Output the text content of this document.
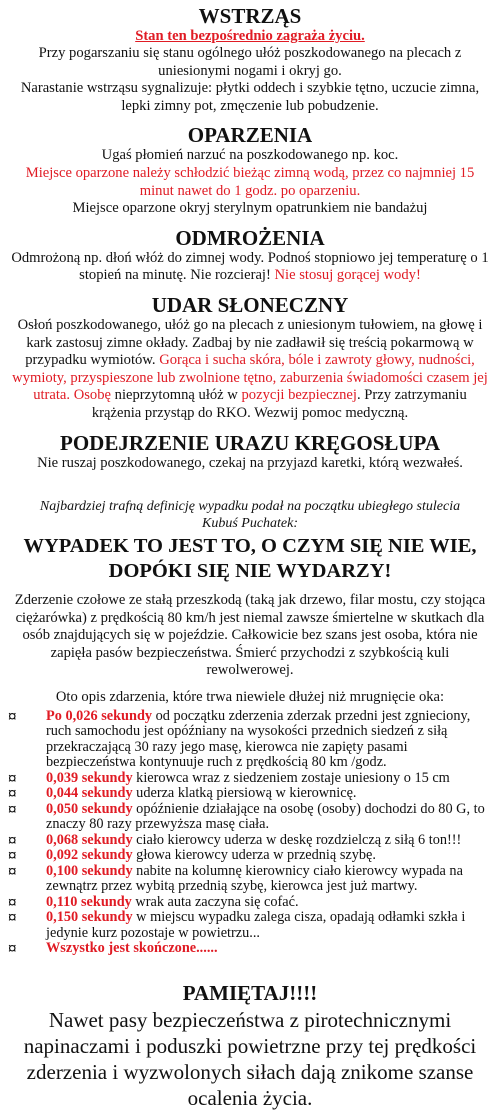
WSTRZĄS
Stan ten bezpośrednio zagraża życiu.

Przy pogarszaniu się stanu ogólnego ułóż poszkodowanego na plecach z uniesionymi nogami i okryj go.

Narastanie wstrząsu sygnalizuje: płytki oddech i szybkie tętno, uczucie zimna, lepki zimny pot, zmęczenie lub pobudzenie.

OPARZENIA

Ugaś płomień narzuć na poszkodowanego np. koc.

Miejsce oparzone należy schłodzić bieżąc zimną wodą, przez co najmniej 15 minut nawet do 1 godz. po oparzeniu.

Miejsce oparzone okryj sterylnym opatrunkiem nie bandażuj

ODMROŻENIA

Odmrożoną np. dłoń włóż do zimnej wody. Podnoś stopniowo jej temperaturę o 1 stopień na minutę. Nie rozcieraj! Nie stosuj gorącej wody!

UDAR SŁONECZNY

Osłoń poszkodowanego, ułóż go na plecach z uniesionym tułowiem, na głowę i kark zastosuj zimne okłady. Zadbaj by nie zadławił się treścią pokarmową w przypadku wymiotów. Gorąca i sucha skóra, bóle i zawroty głowy, nudności, wymioty, przyspieszone lub zwolnione tętno, zaburzenia świadomości czasem jej utrata. Osobę nieprzytomną ułóż w pozycji bezpiecznej. Przy zatrzymaniu krążenia przystąp do RKO. Wezwij pomoc medyczną.

PODEJRZENIE URAZU KRĘGOSŁUPA

Nie ruszaj poszkodowanego, czekaj na przyjazd karetki, którą wezwałeś.

Najbardziej trafną definicję wypadku podał na początku ubiegłego stulecia

Kubuś Puchatek:

WYPADEK TO JEST TO, O CZYM SIĘ NIE WIE,

DOPÓKI SIĘ NIE WYDARZY!

Zderzenie czołowe ze stałą przeszkodą (taką jak drzewo, filar mostu, czy stojąca ciężarówka) z prędkością 80 km/h jest niemal zawsze śmiertelne w skutkach dla osób znajdujących się w pojeździe. Całkowicie bez szans jest osoba, która nie zapięła pasów bezpieczeństwa. Śmierć przychodzi z szybkością kuli rewolwerowej.

Oto opis zdarzenia, które trwa niewiele dłużej niż mrugnięcie oka:

¤	Po 0,026 sekundy od początku zderzenia zderzak przedni jest zgnieciony, ruch samochodu jest opóźniany na wysokości przednich siedzeń z siłą przekraczającą 30 razy jego masę, kierowca nie zapięty pasami bezpieczeństwa kontynuuje ruch z prędkością 80 km /godz.
¤	0,039 sekundy kierowca wraz z siedzeniem zostaje uniesiony o 15 cm
¤	0,044 sekundy uderza klatką piersiową w kierownicę.
¤	0,050 sekundy opóźnienie działające na osobę (osoby) dochodzi do 80 G, to znaczy 80 razy przewyższa masę ciała.
¤	0,068 sekundy ciało kierowcy uderza w deskę rozdzielczą z siłą 6 ton!!!
¤	0,092 sekundy głowa kierowcy uderza w przednią szybę.
¤	0,100 sekundy nabite na kolumnę kierownicy ciało kierowcy wypada na zewnątrz przez wybitą przednią szybę, kierowca jest już martwy.
¤	0,110 sekundy wrak auta zaczyna się cofać.
¤	0,150 sekundy w miejscu wypadku zalega cisza, opadają odłamki szkła i jedynie kurz pozostaje w powietrzu...
¤	Wszystko jest skończone......
PAMIĘTAJ!!!!

Nawet pasy bezpieczeństwa z pirotechnicznymi napinaczami i poduszki powietrzne przy tej prędkości zderzenia i wyzwolonych siłach dają znikome szanse ocalenia życia.
